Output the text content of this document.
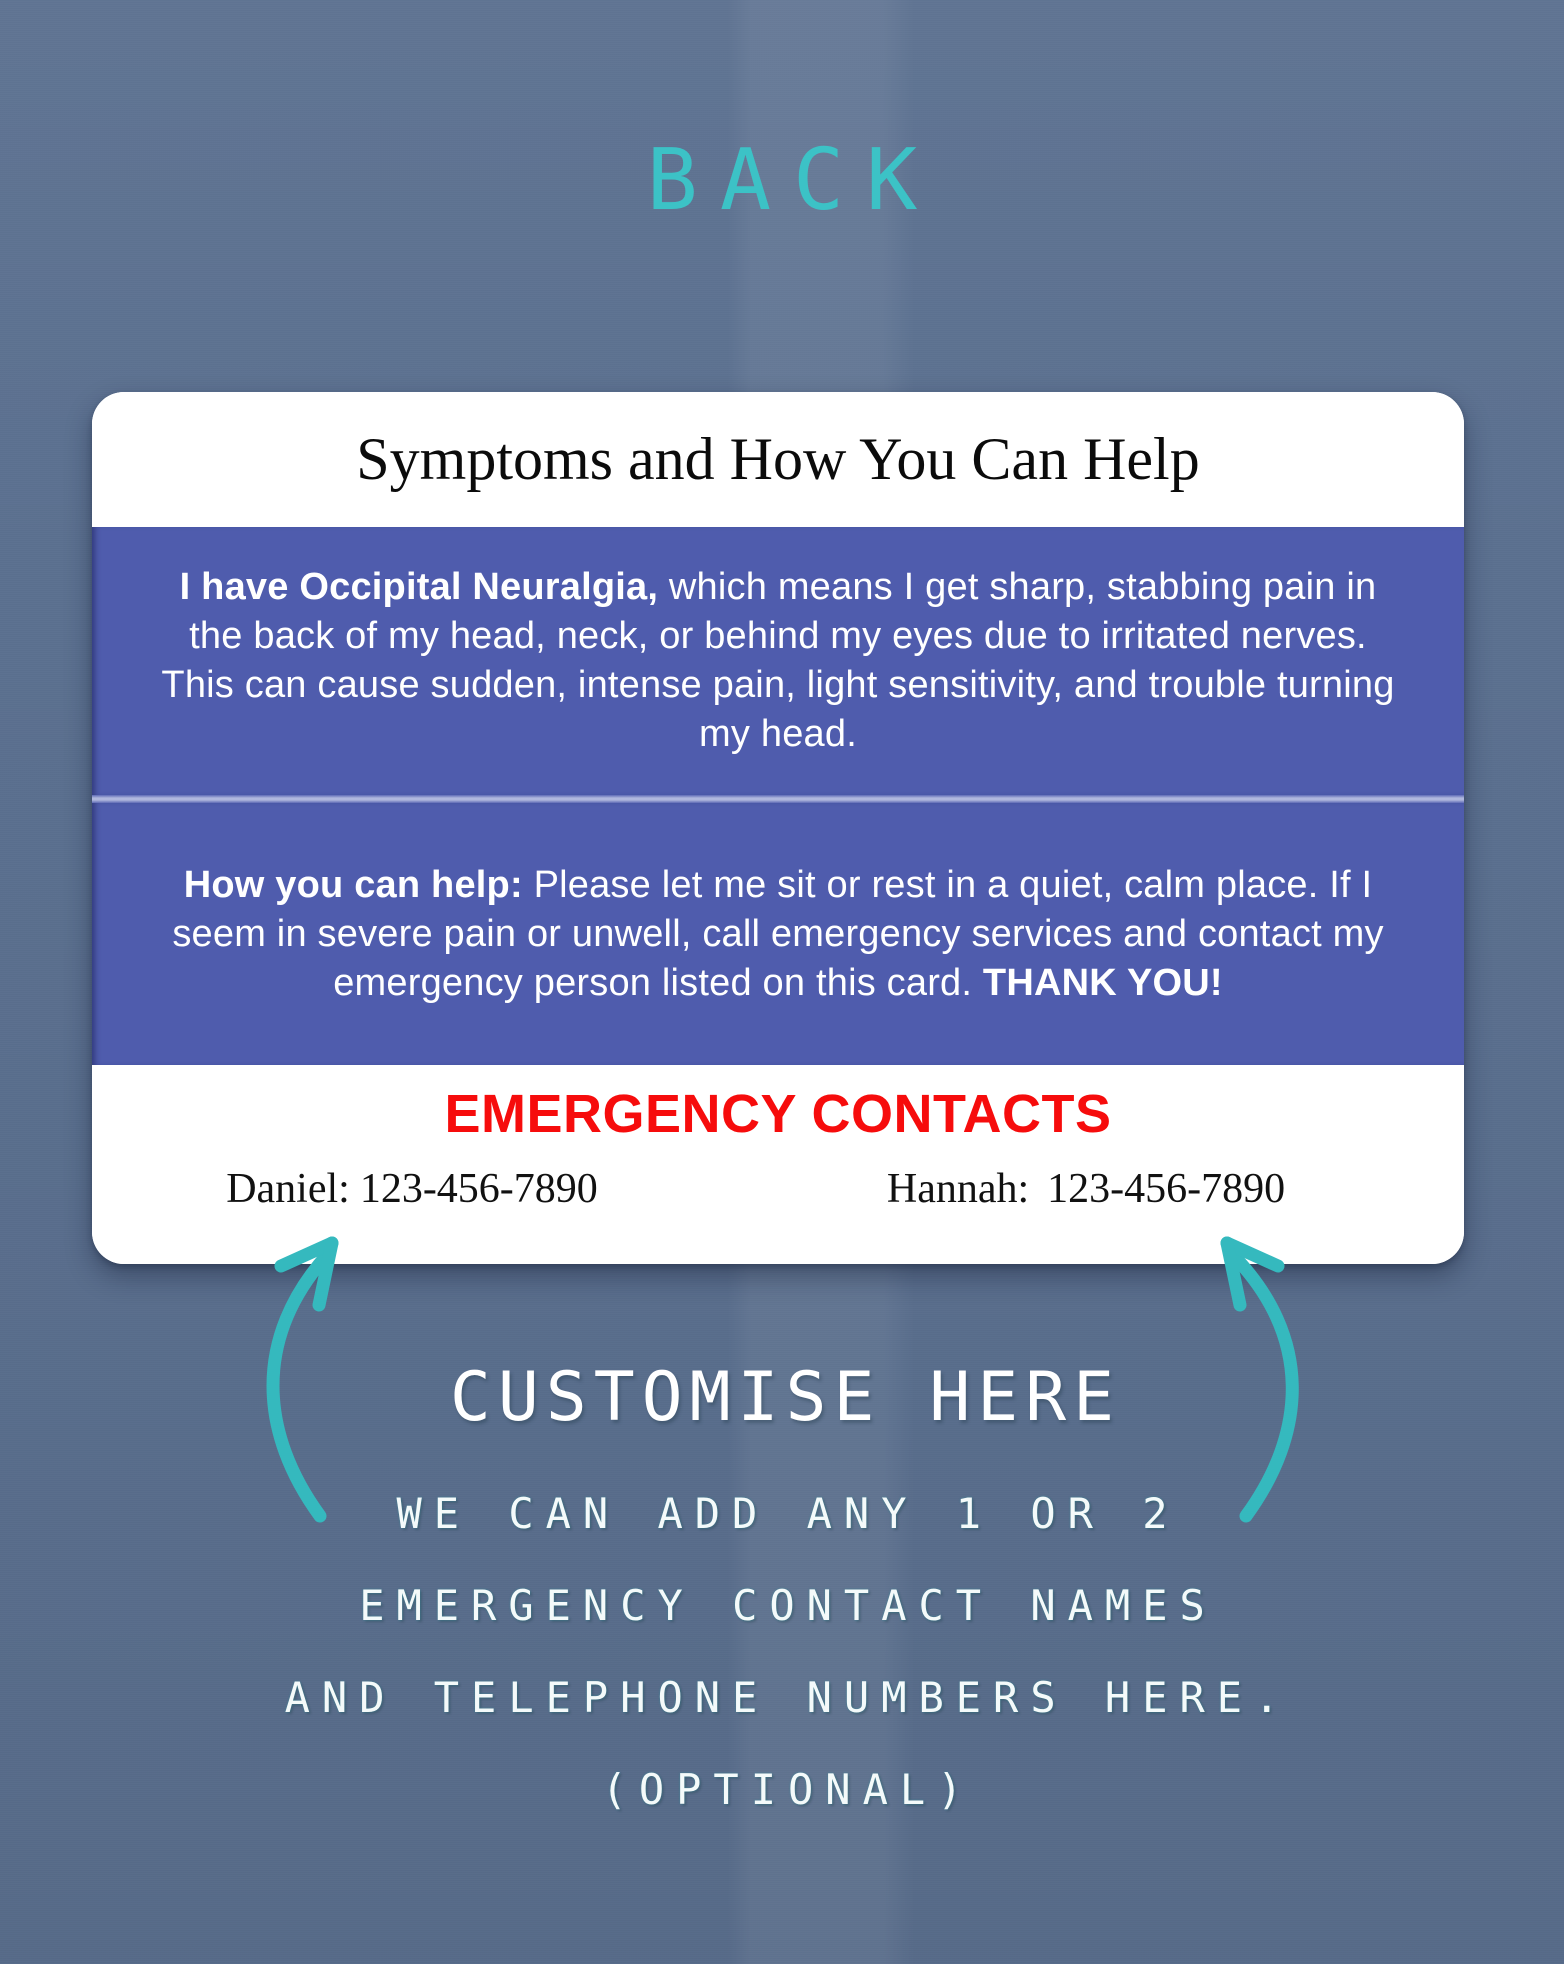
BACK
Symptoms and How You Can Help
I have Occipital Neuralgia, which means I get sharp, stabbing pain in the back of my head, neck, or behind my eyes due to irritated nerves. This can cause sudden, intense pain, light sensitivity, and trouble turning my head.
How you can help: Please let me sit or rest in a quiet, calm place. If I seem in severe pain or unwell, call emergency services and contact my emergency person listed on this card. THANK YOU!
EMERGENCY CONTACTS
Daniel: 123-456-7890	Hannah: 123-456-7890
CUSTOMISE HERE
WE CAN ADD ANY 1 OR 2
EMERGENCY CONTACT NAMES
AND TELEPHONE NUMBERS HERE.
(OPTIONAL)
